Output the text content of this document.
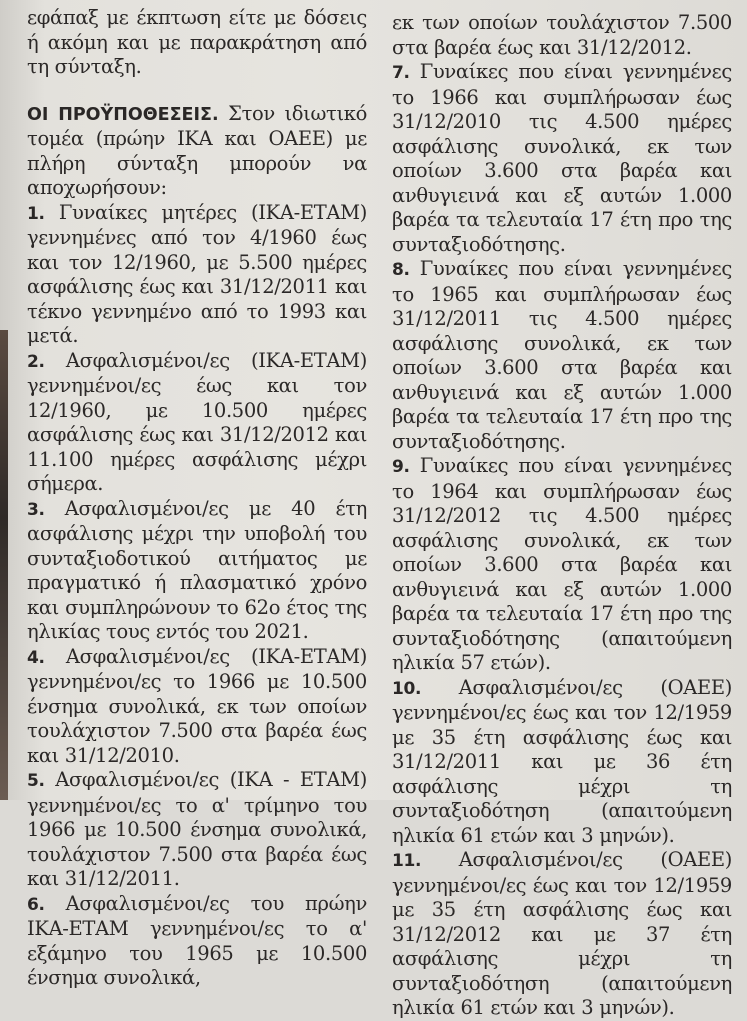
εφάπαξ με έκπτωση είτε με δόσεις ή ακόμη και με παρακράτηση από τη σύνταξη.

ΟΙ ΠΡΟΫΠΟΘΕΣΕΙΣ. Στον ιδιωτικό τομέα (πρώην ΙΚΑ και ΟΑΕΕ) με πλήρη σύνταξη μπορούν να αποχωρήσουν:

1. Γυναίκες μητέρες (ΙΚΑ-ΕΤΑΜ) γεννημένες από τον 4/1960 έως και τον 12/1960, με 5.500 ημέρες ασφάλισης έως και 31/12/2011 και τέκνο γεννημένο από το 1993 και μετά.

2. Ασφαλισμένοι/ες (ΙΚΑ-ΕΤΑΜ) γεννημένοι/ες έως και τον 12/1960, με 10.500 ημέρες ασφάλισης έως και 31/12/2012 και 11.100 ημέρες ασφάλισης μέχρι σήμερα.

3. Ασφαλισμένοι/ες με 40 έτη ασφάλισης μέχρι την υποβολή του συνταξιοδοτικού αιτήματος με πραγματικό ή πλασματικό χρόνο και συμπληρώνουν το 62ο έτος της ηλικίας τους εντός του 2021.

4. Ασφαλισμένοι/ες (ΙΚΑ-ΕΤΑΜ) γεννημένοι/ες το 1966 με 10.500 ένσημα συνολικά, εκ των οποίων τουλάχιστον 7.500 στα βαρέα έως και 31/12/2010.

5. Ασφαλισμένοι/ες (ΙΚΑ - ΕΤΑΜ) γεννημένοι/ες το α' τρίμηνο του 1966 με 10.500 ένσημα συνολικά, τουλάχιστον 7.500 στα βαρέα έως και 31/12/2011.

6. Ασφαλισμένοι/ες του πρώην ΙΚΑ-ΕΤΑΜ γεννημένοι/ες το α' εξάμηνο του 1965 με 10.500 ένσημα συνολικά,

εκ των οποίων τουλάχιστον 7.500 στα βαρέα έως και 31/12/2012.

7. Γυναίκες που είναι γεννημένες το 1966 και συμπλήρωσαν έως 31/12/2010 τις 4.500 ημέρες ασφάλισης συνολικά, εκ των οποίων 3.600 στα βαρέα και ανθυγιεινά και εξ αυτών 1.000 βαρέα τα τελευταία 17 έτη προ της συνταξιοδότησης.

8. Γυναίκες που είναι γεννημένες το 1965 και συμπλήρωσαν έως 31/12/2011 τις 4.500 ημέρες ασφάλισης συνολικά, εκ των οποίων 3.600 στα βαρέα και ανθυγιεινά και εξ αυτών 1.000 βαρέα τα τελευταία 17 έτη προ της συνταξιοδότησης.

9. Γυναίκες που είναι γεννημένες το 1964 και συμπλήρωσαν έως 31/12/2012 τις 4.500 ημέρες ασφάλισης συνολικά, εκ των οποίων 3.600 στα βαρέα και ανθυγιεινά και εξ αυτών 1.000 βαρέα τα τελευταία 17 έτη προ της συνταξιοδότησης (απαιτούμενη ηλικία 57 ετών).

10. Ασφαλισμένοι/ες (ΟΑΕΕ) γεννημένοι/ες έως και τον 12/1959 με 35 έτη ασφάλισης έως και 31/12/2011 και με 36 έτη ασφάλισης μέχρι τη συνταξιοδότηση (απαιτούμενη ηλικία 61 ετών και 3 μηνών).

11. Ασφαλισμένοι/ες (ΟΑΕΕ) γεννημένοι/ες έως και τον 12/1959 με 35 έτη ασφάλισης έως και 31/12/2012 και με 37 έτη ασφάλισης μέχρι τη συνταξιοδότηση (απαιτούμενη ηλικία 61 ετών και 3 μηνών).
